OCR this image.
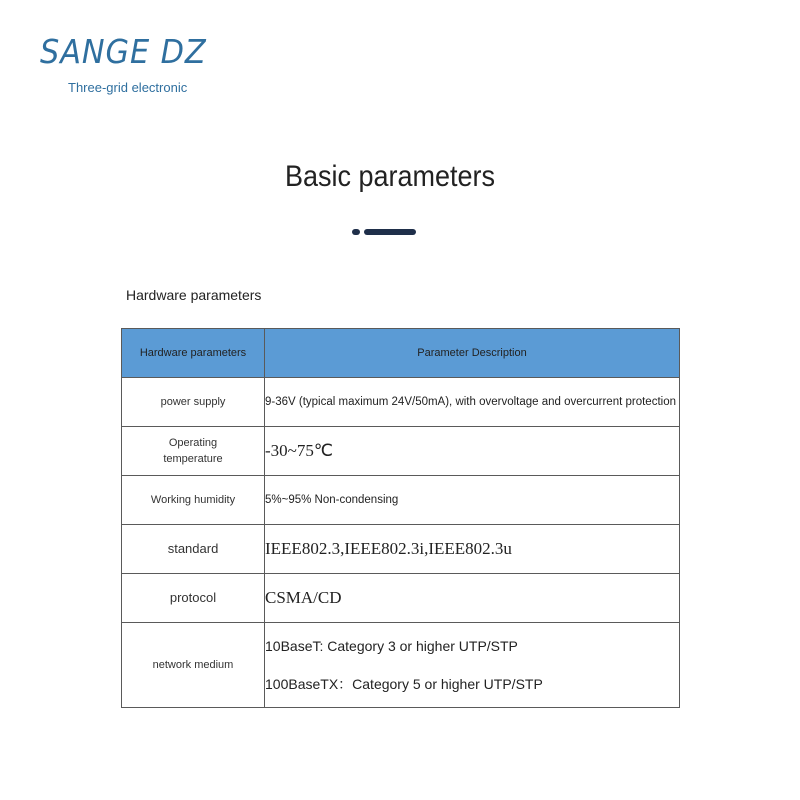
SANGE DZ
Three-grid electronic
Basic parameters
Hardware parameters
Hardware parameters	Parameter Description
power supply	9-36V (typical maximum 24V/50mA), with overvoltage and overcurrent protection
Operating temperature	-30~75℃
Working humidity	5%~95% Non-condensing
standard	IEEE802.3,IEEE802.3i,IEEE802.3u
protocol	CSMA/CD
network medium	10BaseT: Category 3 or higher UTP/STP
100BaseTX：Category 5 or higher UTP/STP
